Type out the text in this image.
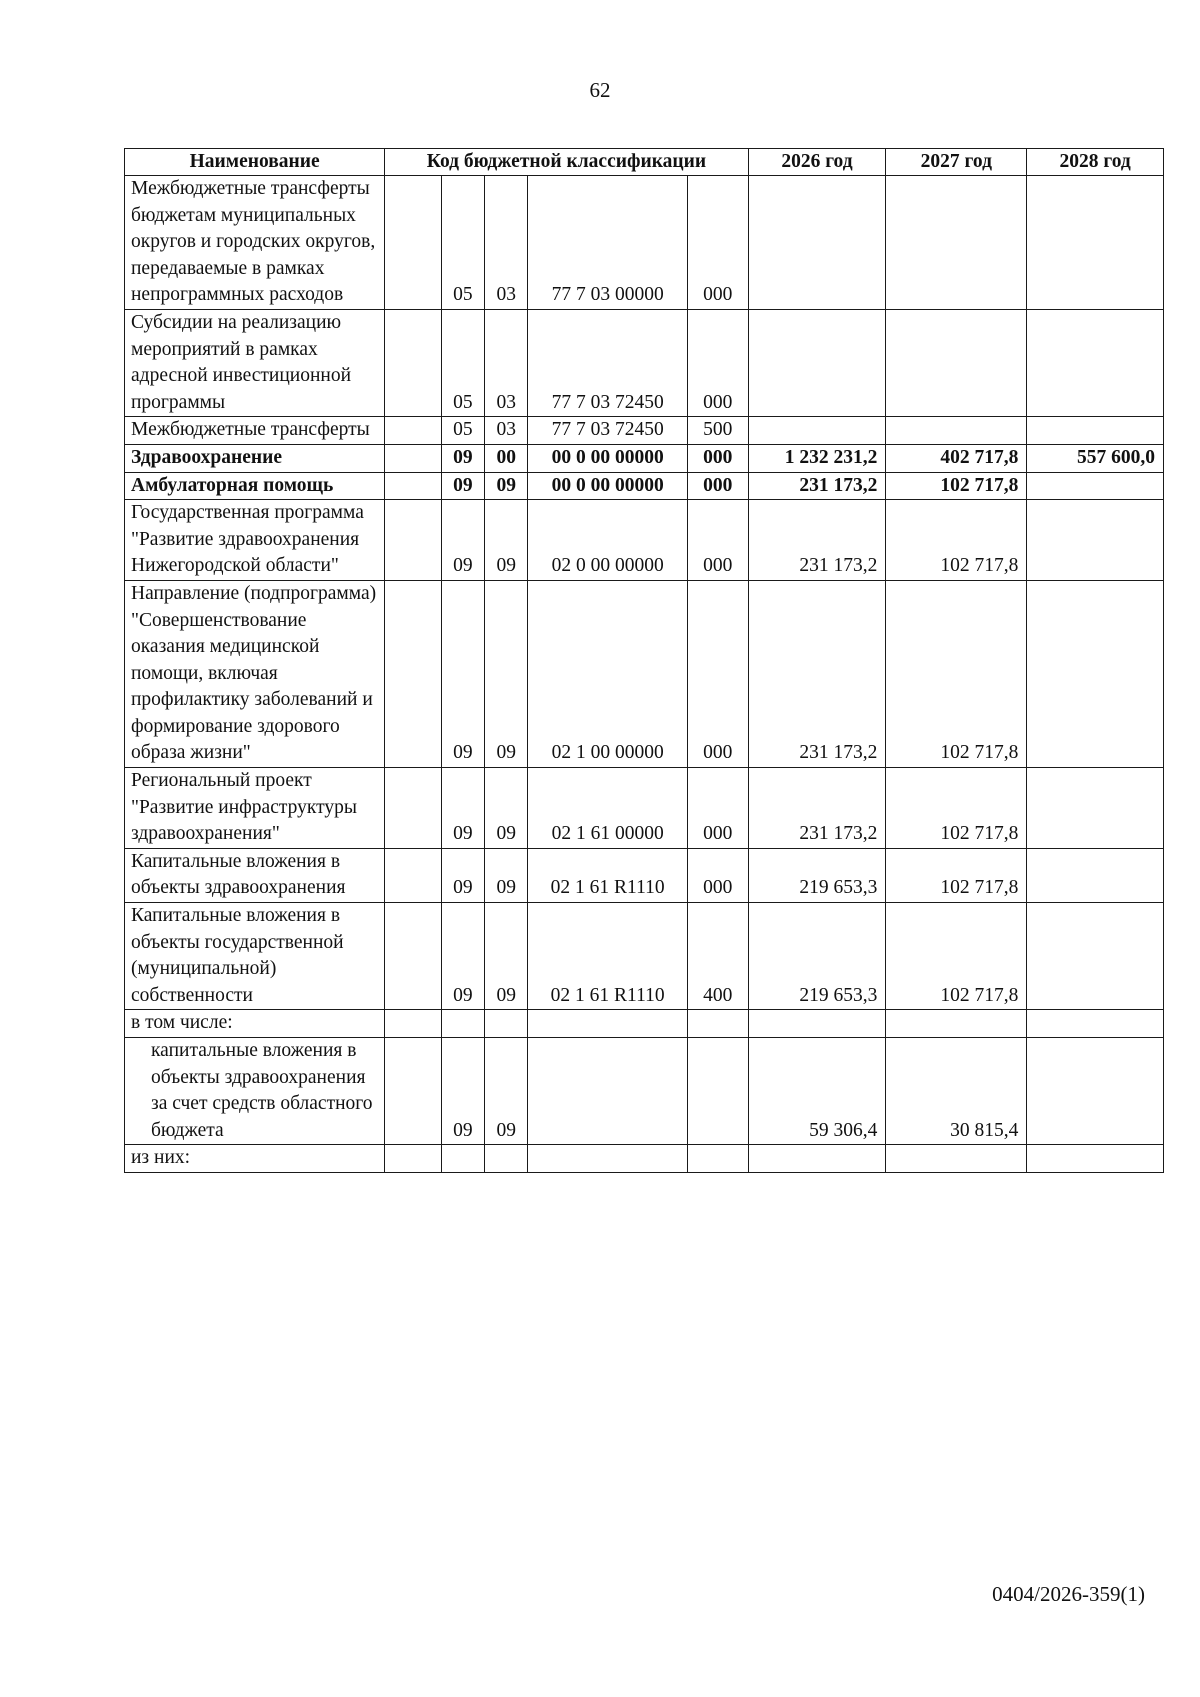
62
Наименование	Код бюджетной классификации					2026 год	2027 год	2028 год
Межбюджетные трансферты бюджетам муниципальных округов и городских округов, передаваемые в рамках непрограммных расходов		05	03	77 7 03 00000	000			
Субсидии на реализацию мероприятий в рамках адресной инвестиционной программы		05	03	77 7 03 72450	000			
Межбюджетные трансферты		05	03	77 7 03 72450	500			
Здравоохранение		09	00	00 0 00 00000	000	1 232 231,2	402 717,8	557 600,0
Амбулаторная помощь		09	09	00 0 00 00000	000	231 173,2	102 717,8	
Государственная программа "Развитие здравоохранения Нижегородской области"		09	09	02 0 00 00000	000	231 173,2	102 717,8	
Направление (подпрограмма) "Совершенствование оказания медицинской помощи, включая профилактику заболеваний и формирование здорового образа жизни"		09	09	02 1 00 00000	000	231 173,2	102 717,8	
Региональный проект "Развитие инфраструктуры здравоохранения"		09	09	02 1 61 00000	000	231 173,2	102 717,8	
Капитальные вложения в объекты здравоохранения		09	09	02 1 61 R1110	000	219 653,3	102 717,8	
Капитальные вложения в объекты государственной (муниципальной) собственности		09	09	02 1 61 R1110	400	219 653,3	102 717,8	
в том числе:								
капитальные вложения в объекты здравоохранения за счет средств областного бюджета		09	09			59 306,4	30 815,4	
из них:								
0404/2026-359(1)
